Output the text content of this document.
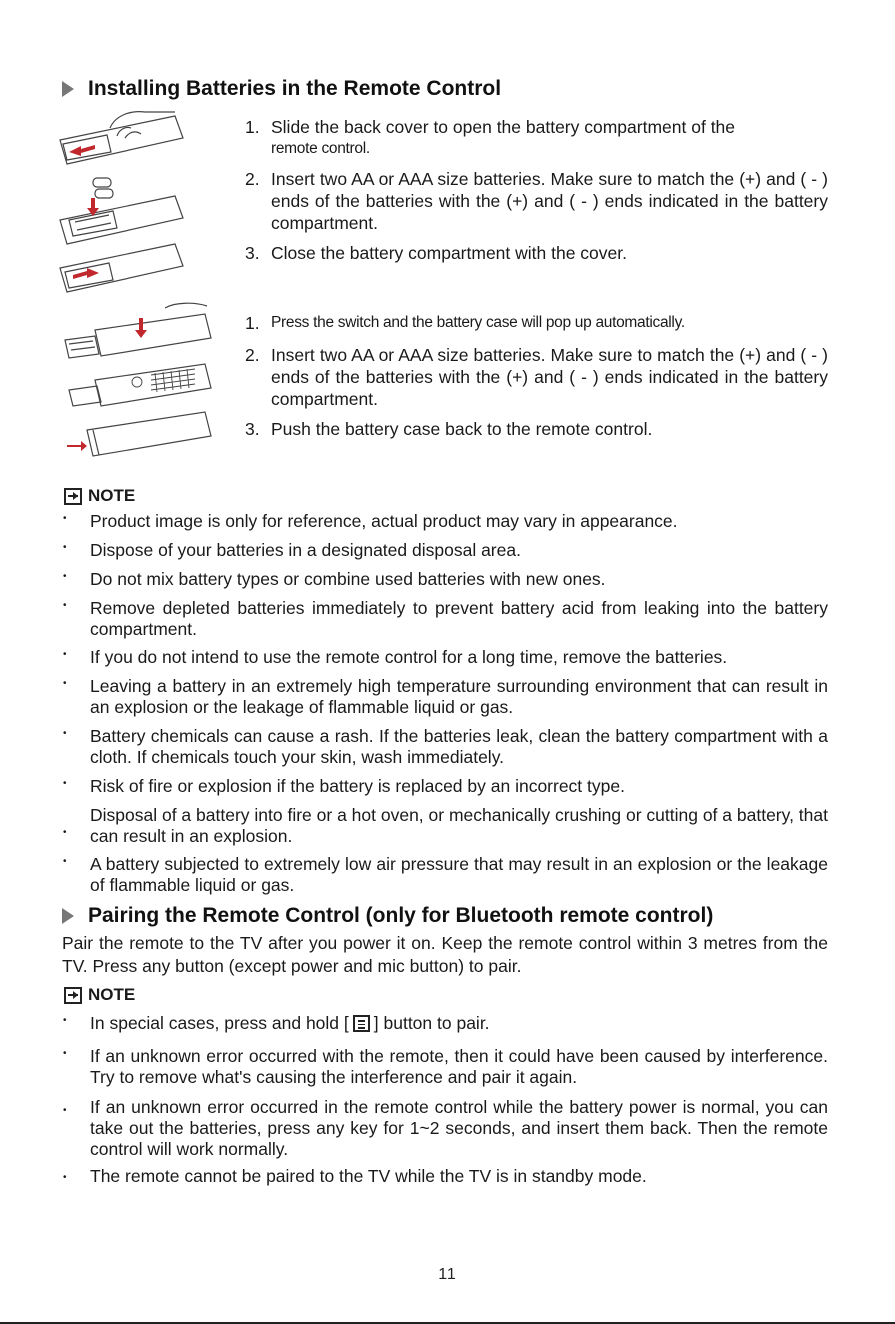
Installing Batteries in the Remote Control
1. Slide the back cover to open the battery compartment of the
remote control.
2. Insert two AA or AAA size batteries. Make sure to match the (+) and ( - ) ends of the batteries with the (+) and ( - ) ends indicated in the battery compartment.
3. Close the battery compartment with the cover.
1. Press the switch and the battery case will pop up automatically.
2. Insert two AA or AAA size batteries. Make sure to match the (+) and ( - ) ends of the batteries with the (+) and ( - ) ends indicated in the battery compartment.
3. Push the battery case back to the remote control.
NOTE
•	Product image is only for reference, actual product may vary in appearance.
•	Dispose of your batteries in a designated disposal area.
•	Do not mix battery types or combine used batteries with new ones.
•	Remove depleted batteries immediately to prevent battery acid from leaking into the battery compartment.
•	If you do not intend to use the remote control for a long time, remove the batteries.
•	Leaving a battery in an extremely high temperature surrounding environment that can result in an explosion or the leakage of flammable liquid or gas.
•	Battery chemicals can cause a rash. If the batteries leak, clean the battery compartment with a cloth. If chemicals touch your skin, wash immediately.
•	Risk of fire or explosion if the battery is replaced by an incorrect type.
•
Disposal of a battery into fire or a hot oven, or mechanically crushing or cutting of a battery, that can result in an explosion.
•	A battery subjected to extremely low air pressure that may result in an explosion or the leakage of flammable liquid or gas.
Pairing the Remote Control (only for Bluetooth remote control)

Pair the remote to the TV after you power it on. Keep the remote control within 3 metres from the TV. Press any button (except power and mic button) to pair.

NOTE
•	In special cases, press and hold [ ] button to pair.
•	If an unknown error occurred with the remote, then it could have been caused by interference. Try to remove what's causing the interference and pair it again.
•	If an unknown error occurred in the remote control while the battery power is normal, you can take out the batteries, press any key for 1~2 seconds, and insert them back. Then the remote control will work normally.
•	The remote cannot be paired to the TV while the TV is in standby mode.
11
